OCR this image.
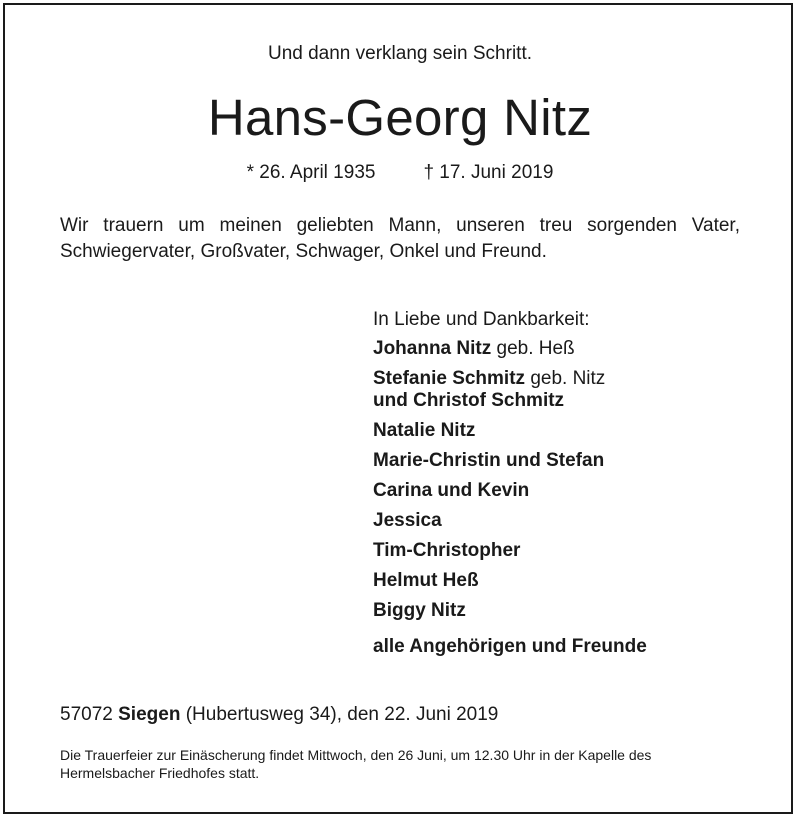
Und dann verklang sein Schritt.
Hans-Georg Nitz
* 26. April 1935	† 17. Juni 2019
Wir trauern um meinen geliebten Mann, unseren treu sorgenden Vater, Schwiegervater, Großvater, Schwager, Onkel und Freund.
In Liebe und Dankbarkeit:
Johanna Nitz geb. Heß
Stefanie Schmitz geb. Nitz
und Christof Schmitz
Natalie Nitz
Marie-Christin und Stefan
Carina und Kevin
Jessica
Tim-Christopher
Helmut Heß
Biggy Nitz
alle Angehörigen und Freunde
57072 Siegen (Hubertusweg 34), den 22. Juni 2019
Die Trauerfeier zur Einäscherung findet Mittwoch, den 26 Juni, um 12.30 Uhr in der Kapelle des Hermelsbacher Friedhofes statt.
